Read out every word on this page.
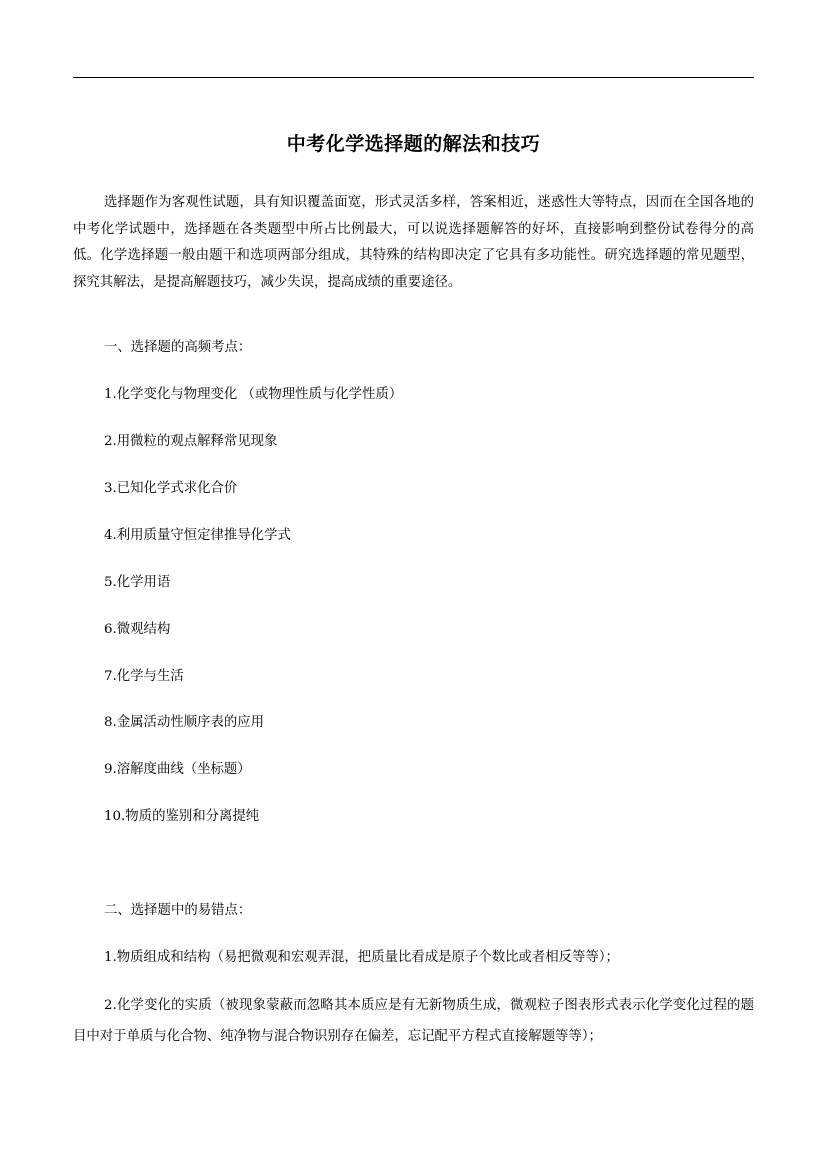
中考化学选择题的解法和技巧

选择题作为客观性试题，具有知识覆盖面宽，形式灵活多样，答案相近，迷惑性大等特点，因而在全国各地的中考化学试题中，选择题在各类题型中所占比例最大，可以说选择题解答的好坏，直接影响到整份试卷得分的高低。化学选择题一般由题干和选项两部分组成，其特殊的结构即决定了它具有多功能性。研究选择题的常见题型，探究其解法，是提高解题技巧，减少失误，提高成绩的重要途径。

一、选择题的高频考点：

1.化学变化与物理变化 （或物理性质与化学性质）

2.用微粒的观点解释常见现象

3.已知化学式求化合价

4.利用质量守恒定律推导化学式

5.化学用语

6.微观结构

7.化学与生活

8.金属活动性顺序表的应用

9.溶解度曲线（坐标题）

10.物质的鉴别和分离提纯

二、选择题中的易错点：

1.物质组成和结构（易把微观和宏观弄混，把质量比看成是原子个数比或者相反等等）；

2.化学变化的实质（被现象蒙蔽而忽略其本质应是有无新物质生成，微观粒子图表形式表示化学变化过程的题目中对于单质与化合物、纯净物与混合物识别存在偏差，忘记配平方程式直接解题等等）；
